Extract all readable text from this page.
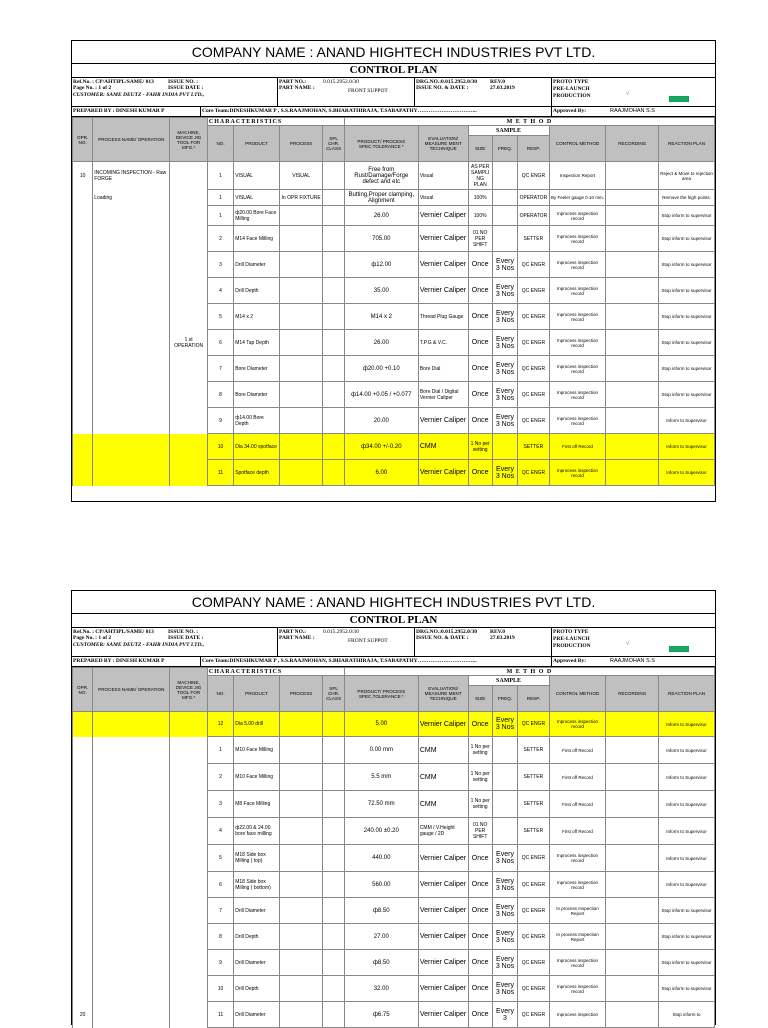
COMPANY NAME : ANAND HIGHTECH INDUSTRIES PVT LTD.
CONTROL PLAN
Ref.No. : CP/AHTIPL/SAME/ 013
Page No. : 1 of 2
CUSTOMER: SAME DEUTZ - FAHR INDIA PVT LTD.,
ISSUE NO. :
ISSUE DATE :
PART NO.:	0.015.2952.0/30
PART NAME :	FRONT SUPPOT
DRG.NO.:0.015.2952.0/30 REV.0
ISSUE NO. & DATE :	27.03.2019
PROTO TYPE
PRE-LAUNCH
PRODUCTION	√
PREPARED BY : DINESH KUMAR P	Core Team:DINESHKUMAR P , S.S.RAAJMOHAN, S.BHARATHIRAJA, T.SABAPATHY…………………………...	Approved By:	RAAJMOHAN S.S
OPR. NO.	PROCESS NAME/ OPERATION	MACHINE, DEVICE JIG TOOL FOR MFG.*	CHARACTERISTICS				M E T H O D							
			NO.	PRODUCT	PROCESS	SPL CHR. CLASS	PRODUCT/ PROCESS SPEC.TOLERANCE *	EVALUATION/ MEASURE MENT TECHNIQUE	SAMPLE			CONTROL METHOD	RECORDING	REACTION PLAN
									SIZE	FREQ.	RESP.			
10	INCOMING INSPECTION - Raw FORGE		1	VISUAL	VISUAL		Free from Rust/Damage/Forge defect and etc	Visual	AS PER SAMPLING PLAN		QC ENGR	Inspection Report		Reject & Move to rejection area
	Loading		1	VISUAL	In OPR FIXTURE		Butting,Proper clamping, Alignment	Visual	100%		OPERATOR	By Feeler gauge 0.10 mm.		Remove the high points.
			1	ф20.00 Bore Face Milling			26.00	Vernier Caliper	100%		OPERATOR	Inprocess inspection record		Stop inform to supervisor
			2	M14 Face Milling			705.00	Vernier Caliper	01 NO PER SHIFT		SETTER	Inprocess inspection record		Stop inform to supervisor
			3	Drill Diameter			ф12.00	Vernier Caliper	Once	Every 3 Nos	QC ENGR	Inprocess inspection record		Stop inform to supervisor
			4	Drill Depth			35.00	Vernier Caliper	Once	Every 3 Nos	QC ENGR	Inprocess inspection record		Stop inform to supervisor
			5	M14 x 2			M14 x 2	Thread Plug Gauge	Once	Every 3 Nos	QC ENGR	Inprocess inspection record		Stop inform to supervisor
		1 st OPERATION	6	M14 Tap Depth			26.00	T.P.G & V.C.	Once	Every 3 Nos	QC ENGR	Inprocess inspection record		Stop inform to supervisor
			7	Bore Diameter			ф20.00 +0.10	Bore Dial	Once	Every 3 Nos	QC ENGR	Inprocess inspection record		Stop inform to supervisor
			8	Bore Diameter			ф14.00 +0.05 / +0.077	Bore Dial / Digital Vernier Caliper	Once	Every 3 Nos	QC ENGR	Inprocess inspection record		Stop inform to supervisor
			9	ф14.00 Bore Depth			20.00	Vernier Caliper	Once	Every 3 Nos	QC ENGR	Inprocess inspection record		Inform to Supervisor
			10	Dia 34.00 spotface			ф34.00 +/-0.20	CMM	1 No per setting		SETTER	First off Record		Inform to Supervisor
			11	Spotface depth			6.00	Vernier Caliper	Once	Every 3 Nos	QC ENGR	Inprocess inspection record		Inform to Supervisor
COMPANY NAME : ANAND HIGHTECH INDUSTRIES PVT LTD.
CONTROL PLAN
Ref.No. : CP/AHTIPL/SAME/ 013
Page No. : 1 of 2
CUSTOMER: SAME DEUTZ - FAHR INDIA PVT LTD.,
ISSUE NO. :
ISSUE DATE :
PART NO.:	0.015.2952.0/30
PART NAME :	FRONT SUPPOT
DRG.NO.:0.015.2952.0/30 REV.0
ISSUE NO. & DATE :	27.03.2019
PROTO TYPE
PRE-LAUNCH
PRODUCTION	√
PREPARED BY : DINESH KUMAR P	Core Team:DINESHKUMAR P , S.S.RAAJMOHAN, S.BHARATHIRAJA, T.SABAPATHY…………………………...	Approved By:	RAAJMOHAN S.S
OPR. NO.	PROCESS NAME/ OPERATION	MACHINE, DEVICE JIG TOOL FOR MFG.*	CHARACTERISTICS				M E T H O D							
			NO.	PRODUCT	PROCESS	SPL CHR. CLASS	PRODUCT/ PROCESS SPEC.TOLERANCE *	EVALUATION/ MEASURE MENT TECHNIQUE	SAMPLE			CONTROL METHOD	RECORDING	REACTION PLAN
									SIZE	FREQ.	RESP.			
			12	Dia 5.00 drill			5.00	Vernier Caliper	Once	Every 3 Nos	QC ENGR	Inprocess inspection record		Inform to Supervisor
			1	M10 Face Milling			0.00 mm	CMM	1 No per setting		SETTER	First off Record		Inform to Supervisor
			2	M10 Face Milling			5.5 mm	CMM	1 No per setting		SETTER	First off Record		Inform to Supervisor
			3	M8 Face Milling			72.50 mm	CMM	1 No per setting		SETTER	First off Record		Inform to Supervisor
			4	ф22.00 & 24.00 bore face milling			240.00 ±0.20	CMM / V.Height gauge / 2D	01 NO PER SHIFT		SETTER	First off Record		Inform to Supervisor
			5	M18 Side box Milling ( top)			440.00	Vernier Caliper	Once	Every 3 Nos	QC ENGR	Inprocess inspection record		Inform to Supervisor
			6	M18 Side box Milling ( bottom)			560.00	Vernier Caliper	Once	Every 3 Nos	QC ENGR	Inprocess inspection record		Inform to Supervisor
			7	Drill Diameter			ф8.50	Vernier Caliper	Once	Every 3 Nos	QC ENGR	In process Inspection Report		Stop inform to supervisor
			8	Drill Depth			27.00	Vernier Caliper	Once	Every 3 Nos	QC ENGR	In process Inspection Report		Stop inform to supervisor
			9	Drill Diameter			ф8.50	Vernier Caliper	Once	Every 3 Nos	QC ENGR	Inprocess inspection record		Stop inform to supervisor
			10	Drill Depth			32.00	Vernier Caliper	Once	Every 3 Nos	QC ENGR	Inprocess inspection record		Stop inform to supervisor
20			11	Drill Diameter			ф6.75	Vernier Caliper	Once	Every 3	QC ENGR	Inprocess inspection		Stop inform to
